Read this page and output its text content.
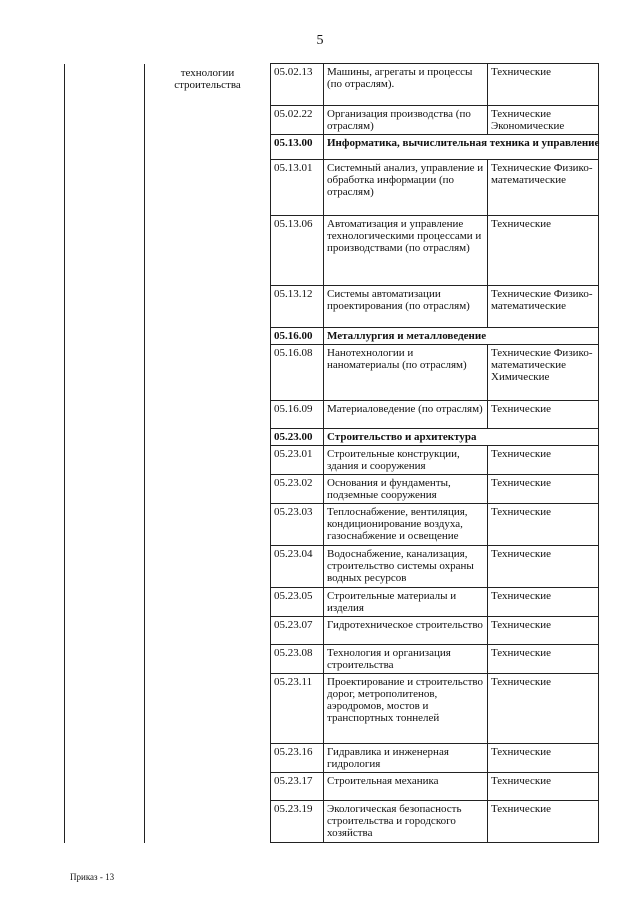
5
	технологии строительства	05.02.13	Машины, агрегаты и процессы (по отраслям).	Технические
		05.02.22	Организация производства (по отраслям)	Технические Экономические
		05.13.00	Информатика, вычислительная техника и управление	
		05.13.01	Системный анализ, управление и обработка информации (по отраслям)	Технические Физико-математические
		05.13.06	Автоматизация и управление технологическими процессами и производствами (по отраслям)	Технические
		05.13.12	Системы автоматизации проектирования (по отраслям)	Технические Физико-математические
		05.16.00	Металлургия и металловедение	
		05.16.08	Нанотехнологии и наноматериалы (по отраслям)	Технические Физико-математические Химические
		05.16.09	Материаловедение (по отраслям)	Технические
		05.23.00	Строительство и архитектура	
		05.23.01	Строительные конструкции, здания и сооружения	Технические
		05.23.02	Основания и фундаменты, подземные сооружения	Технические
		05.23.03	Теплоснабжение, вентиляция, кондиционирование воздуха, газоснабжение и освещение	Технические
		05.23.04	Водоснабжение, канализация, строительство системы охраны водных ресурсов	Технические
		05.23.05	Строительные материалы и изделия	Технические
		05.23.07	Гидротехническое строительство	Технические
		05.23.08	Технология и организация строительства	Технические
		05.23.11	Проектирование и строительство дорог, метрополитенов, аэродромов, мостов и транспортных тоннелей	Технические
		05.23.16	Гидравлика и инженерная гидрология	Технические
		05.23.17	Строительная механика	Технические
		05.23.19	Экологическая безопасность строительства и городского хозяйства	Технические
Приказ - 13
